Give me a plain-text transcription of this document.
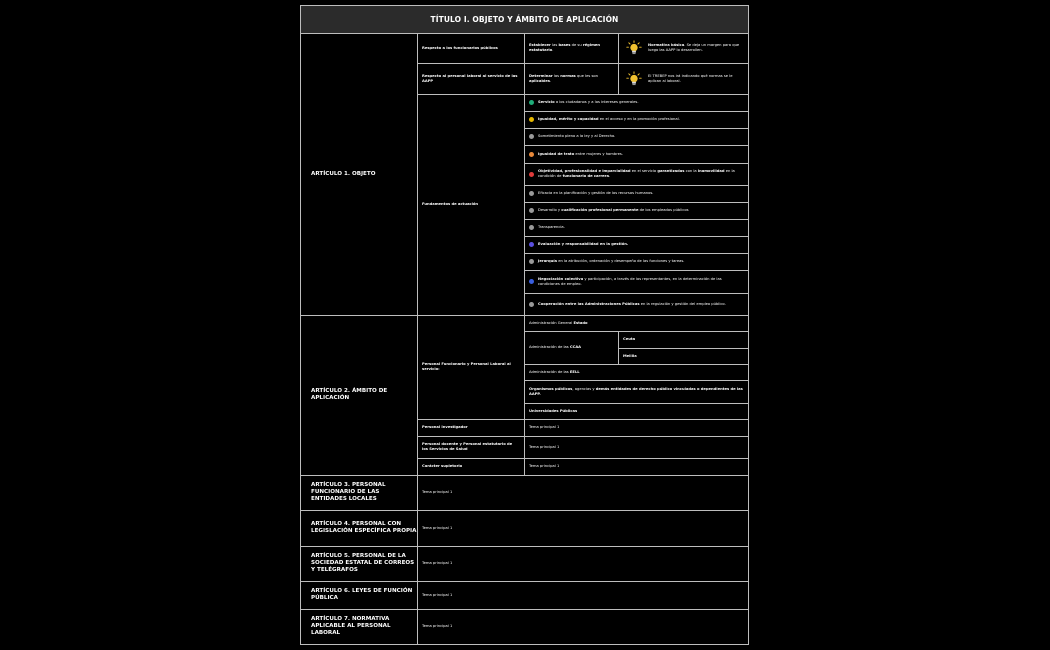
TÍTULO I. OBJETO Y ÁMBITO DE APLICACIÓN
ARTÍCULO 1. OBJETO
Respecto a los funcionarios públicos
Establecer las bases de su régimen estatutario.
Normativa básica. Se deja un margen para que luego las AAPP lo desarrollen.
Respecto al personal laboral al servicio de las AAPP
Determinar las normas que les son aplicables.
El TREBEP nos irá indicando qué normas se le aplican al laboral.
Fundamentos de actuación
Servicio a los ciudadanos y a los intereses generales.
Igualdad, mérito y capacidad en el acceso y en la promoción profesional.
Sometimiento pleno a la ley y al Derecho.
Igualdad de trato entre mujeres y hombres.
Objetividad, profesionalidad e imparcialidad en el servicio garantizadas con la inamovilidad en la condición de funcionario de carrera.
Eficacia en la planificación y gestión de los recursos humanos.
Desarrollo y cualificación profesional permanente de los empleados públicos
Transparencia.
Evaluación y responsabilidad en la gestión.
Jerarquía en la atribución, ordenación y desempeño de las funciones y tareas.
Negociación colectiva y participación, a través de los representantes, en la determinación de las condiciones de empleo.
Cooperación entre las Administraciones Públicas en la regulación y gestión del empleo público.
ARTÍCULO 2. ÁMBITO DE APLICACIÓN
Personal Funcionario y Personal Laboral al servicio:
Administración General Estado
Administración de las CCAA
Ceuta
Melilla
Administración de las EELL
Organismos públicos, agencias y demás entidades de derecho público vinculadas o dependientes de las AAPP.
Universidades Públicas
Personal Investigador	Tema principal 1
Personal docente y Personal estatutario de los Servicios de Salud
Tema principal 1
Carácter supletorio	Tema principal 1
ARTÍCULO 3. PERSONAL FUNCIONARIO DE LAS ENTIDADES LOCALES
Tema principal 1
ARTÍCULO 4. PERSONAL CON LEGISLACIÓN ESPECÍFICA PROPIA
Tema principal 1
ARTÍCULO 5. PERSONAL DE LA SOCIEDAD ESTATAL DE CORREOS Y TELÉGRAFOS
Tema principal 1
ARTÍCULO 6. LEYES DE FUNCIÓN PÚBLICA
Tema principal 1
ARTÍCULO 7. NORMATIVA APLICABLE AL PERSONAL LABORAL
Tema principal 1
